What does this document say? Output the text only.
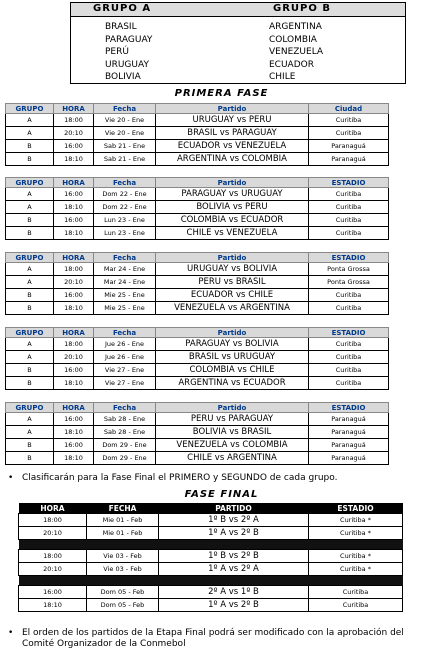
GRUPO A	GRUPO B
BRASIL
PARAGUAY
PERÚ
URUGUAY
BOLIVIA
ARGENTINA
COLOMBIA
VENEZUELA
ECUADOR
CHILE
PRIMERA FASE
GRUPO	HORA	Fecha	Partido	Ciudad
A	18:00	Vie 20 - Ene	URUGUAY vs PERU	Curitiba
A	20:10	Vie 20 - Ene	BRASIL vs PARAGUAY	Curitiba
B	16:00	Sab 21 - Ene	ECUADOR vs VENEZUELA	Paranaguá
B	18:10	Sab 21 - Ene	ARGENTINA vs COLOMBIA	Paranaguá
GRUPO	HORA	Fecha	Partido	ESTADIO
A	16:00	Dom 22 - Ene	PARAGUAY vs URUGUAY	Curitiba
A	18:10	Dom 22 - Ene	BOLIVIA vs PERU	Curitiba
B	16:00	Lun 23 - Ene	COLOMBIA vs ECUADOR	Curitiba
B	18:10	Lun 23 - Ene	CHILE vs VENEZUELA	Curitiba
GRUPO	HORA	Fecha	Partido	ESTADIO
A	18:00	Mar 24 - Ene	URUGUAY vs BOLIVIA	Ponta Grossa
A	20:10	Mar 24 - Ene	PERU vs BRASIL	Ponta Grossa
B	16:00	Mie 25 - Ene	ECUADOR vs CHILE	Curitiba
B	18:10	Mie 25 - Ene	VENEZUELA vs ARGENTINA	Curitiba
GRUPO	HORA	Fecha	Partido	ESTADIO
A	18:00	Jue 26 - Ene	PARAGUAY vs BOLIVIA	Curitiba
A	20:10	Jue 26 - Ene	BRASIL vs URUGUAY	Curitiba
B	16:00	Vie 27 - Ene	COLOMBIA vs CHILE	Curitiba
B	18:10	Vie 27 - Ene	ARGENTINA vs ECUADOR	Curitiba
GRUPO	HORA	Fecha	Partido	ESTADIO
A	16:00	Sab 28 - Ene	PERU vs PARAGUAY	Paranaguá
A	18:10	Sab 28 - Ene	BOLIVIA vs BRASIL	Paranaguá
B	16:00	Dom 29 - Ene	VENEZUELA vs COLOMBIA	Paranaguá
B	18:10	Dom 29 - Ene	CHILE vs ARGENTINA	Paranaguá
• Clasificarán para la Fase Final el PRIMERO y SEGUNDO de cada grupo.
FASE FINAL
HORA	FECHA	PARTIDO	ESTADIO
18:00	Mie 01 - Feb	1º B vs 2º A	Curitiba *
20:10	Mie 01 - Feb	1º A vs 2º B	Curitiba *

18:00	Vie 03 - Feb	1º B vs 2º B	Curitiba *
20:10	Vie 03 - Feb	1º A vs 2º A	Curitiba *

16:00	Dom 05 - Feb	2º A vs 1º B	Curitiba
18:10	Dom 05 - Feb	1º A vs 2º B	Curitiba
• El orden de los partidos de la Etapa Final podrá ser modificado con la aprobación del
Comité Organizador de la Conmebol
